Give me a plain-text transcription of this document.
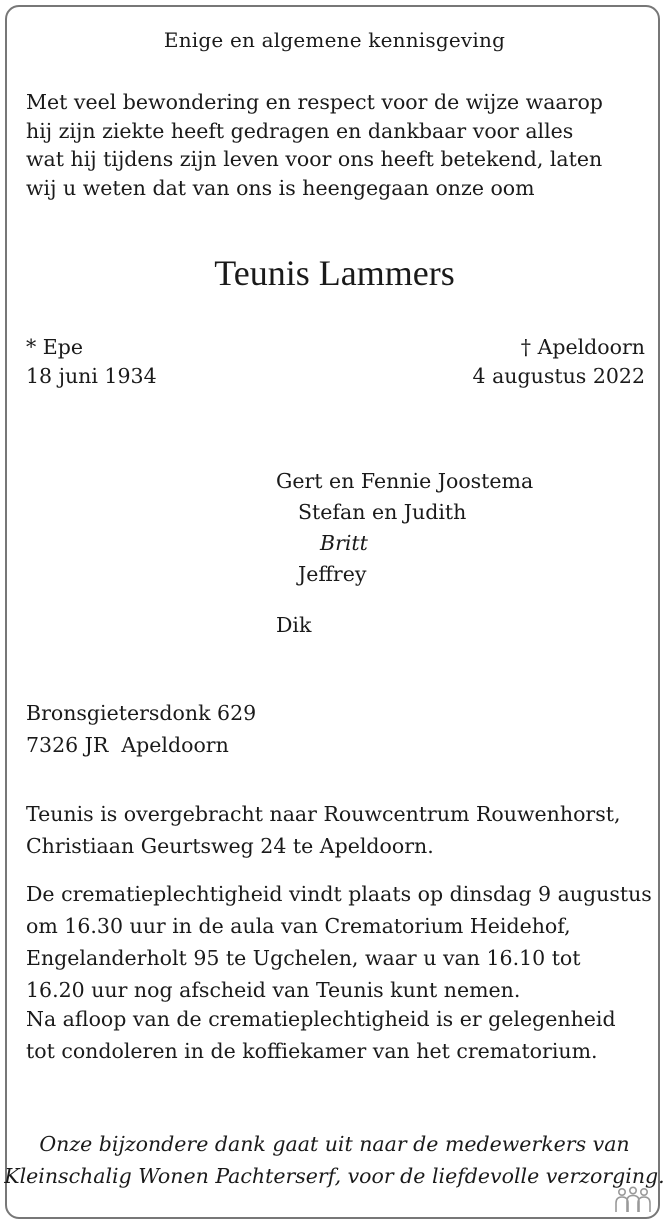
Enige en algemene kennisgeving
Met veel bewondering en respect voor de wijze waarop
hij zijn ziekte heeft gedragen en dankbaar voor alles
wat hij tijdens zijn leven voor ons heeft betekend, laten
wij u weten dat van ons is heengegaan onze oom
Teunis Lammers
* Epe
18 juni 1934
† Apeldoorn
4 augustus 2022
Gert en Fennie Joostema
Stefan en Judith
Britt
Jeffrey
Dik
Bronsgietersdonk 629
7326 JR  Apeldoorn
Teunis is overgebracht naar Rouwcentrum Rouwenhorst,
Christiaan Geurtsweg 24 te Apeldoorn.
De crematieplechtigheid vindt plaats op dinsdag 9 augustus
om 16.30 uur in de aula van Crematorium Heidehof,
Engelanderholt 95 te Ugchelen, waar u van 16.10 tot
16.20 uur nog afscheid van Teunis kunt nemen.
Na afloop van de crematieplechtigheid is er gelegenheid
tot condoleren in de koffiekamer van het crematorium.
Onze bijzondere dank gaat uit naar de medewerkers van
Kleinschalig Wonen Pachterserf, voor de liefdevolle verzorging.
